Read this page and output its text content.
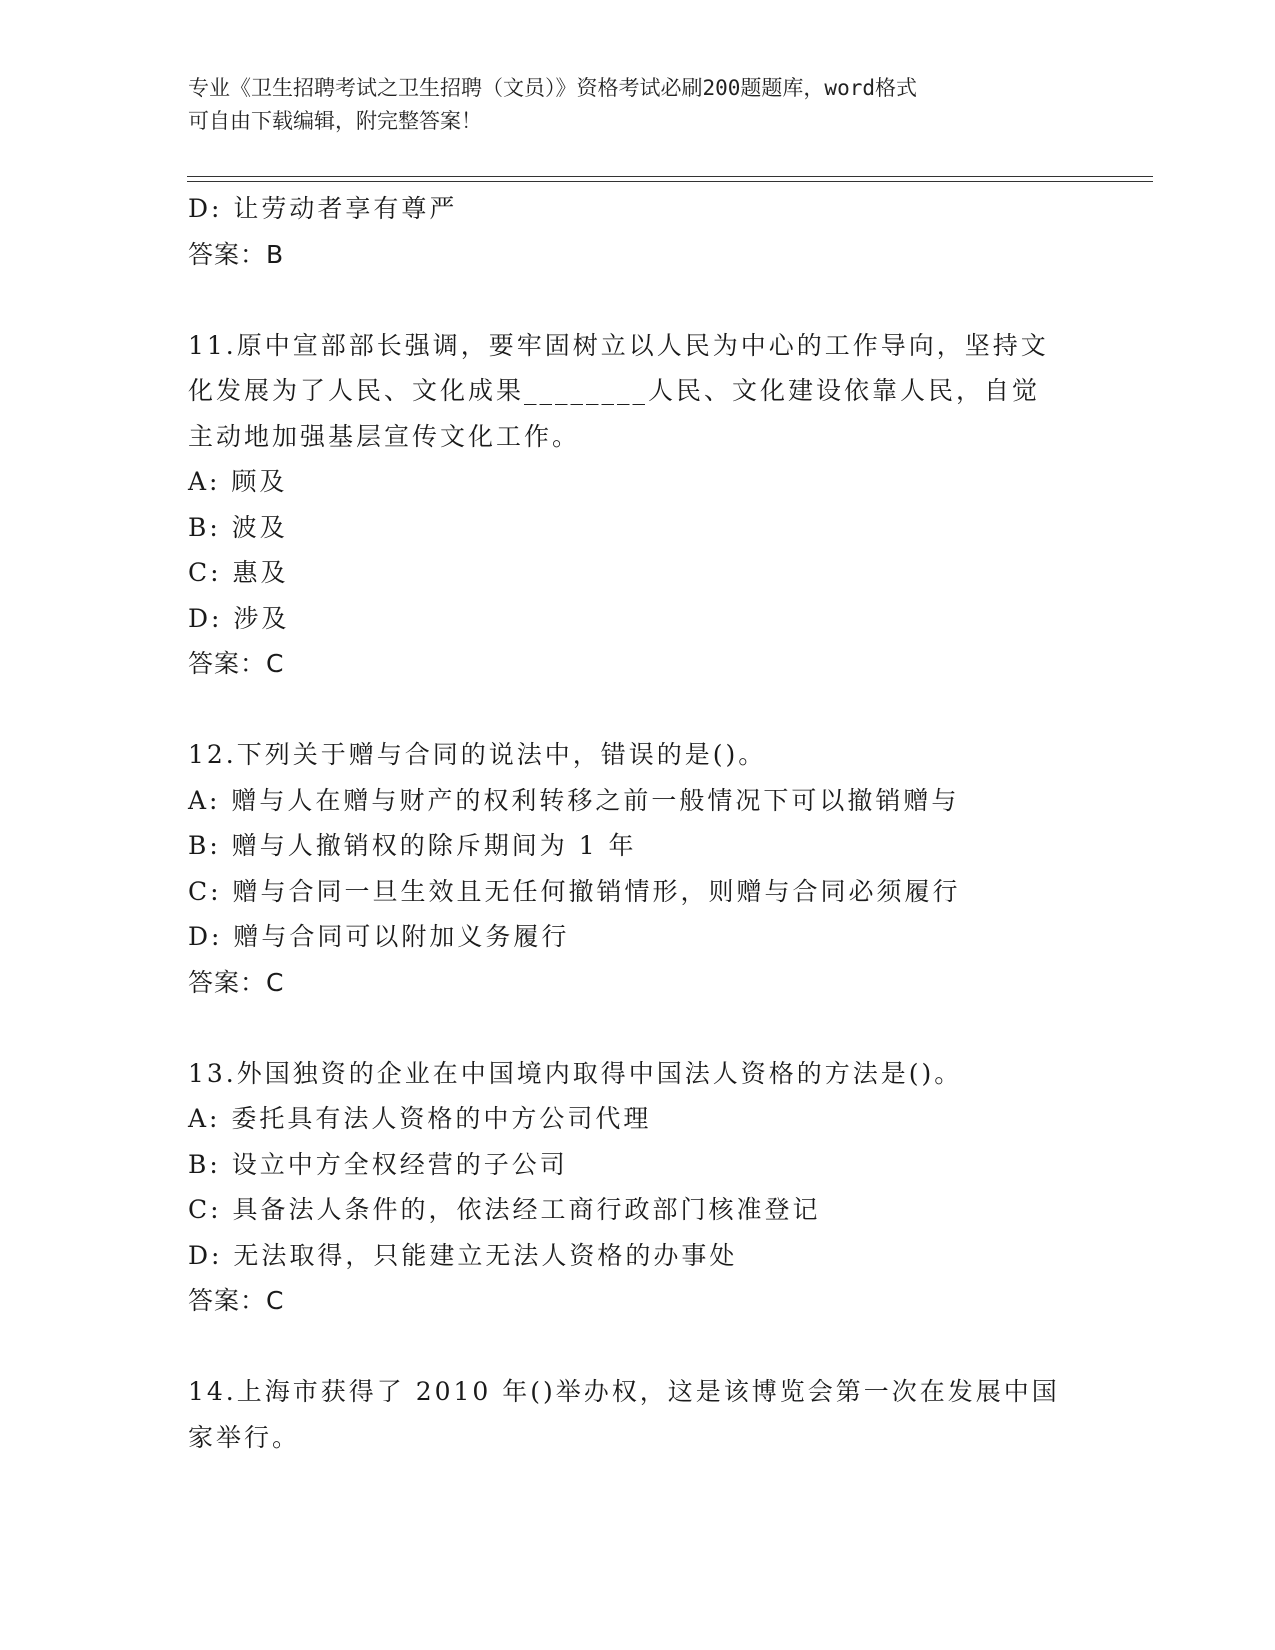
专业《卫生招聘考试之卫生招聘（文员）》资格考试必刷200题题库，word格式
可自由下载编辑，附完整答案！
D: 让劳动者享有尊严
答案：B
11.原中宣部部长强调，要牢固树立以人民为中心的工作导向，坚持文
化发展为了人民、文化成果________人民、文化建设依靠人民，自觉
主动地加强基层宣传文化工作。
A: 顾及
B: 波及
C: 惠及
D: 涉及
答案：C
12.下列关于赠与合同的说法中，错误的是()。
A: 赠与人在赠与财产的权利转移之前一般情况下可以撤销赠与
B: 赠与人撤销权的除斥期间为 1 年
C: 赠与合同一旦生效且无任何撤销情形，则赠与合同必须履行
D: 赠与合同可以附加义务履行
答案：C
13.外国独资的企业在中国境内取得中国法人资格的方法是()。
A: 委托具有法人资格的中方公司代理
B: 设立中方全权经营的子公司
C: 具备法人条件的，依法经工商行政部门核准登记
D: 无法取得，只能建立无法人资格的办事处
答案：C
14.上海市获得了 2010 年()举办权，这是该博览会第一次在发展中国
家举行。
